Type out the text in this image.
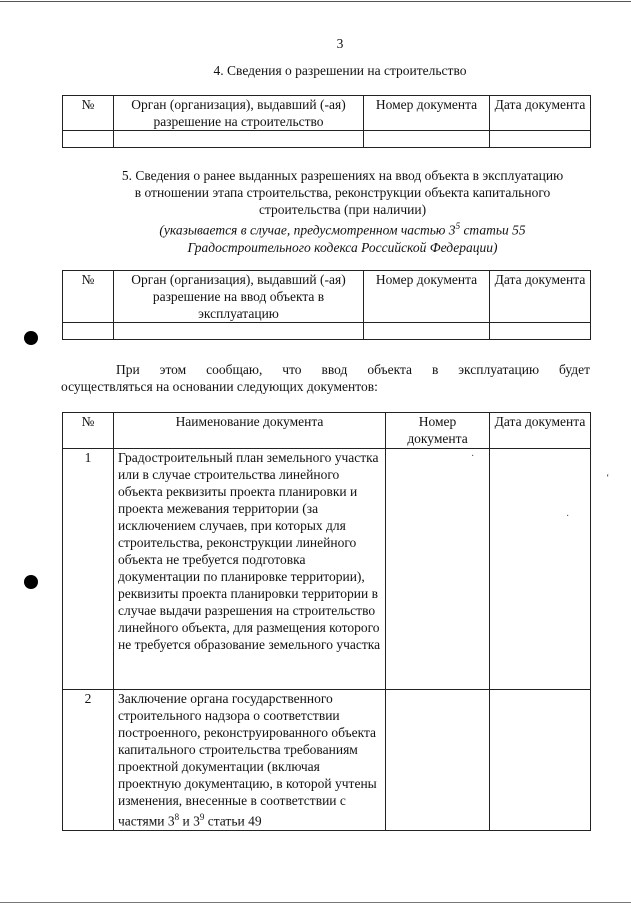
3
4. Сведения о разрешении на строительство
№	Орган (организация), выдавший (-ая) разрешение на строительство	Номер документа	Дата документа

5. Сведения о ранее выданных разрешениях на ввод объекта в эксплуатацию
в отношении этапа строительства, реконструкции объекта капитального
строительства (при наличии)
(указывается в случае, предусмотренном частью $3^5$ статьи 55
Градостроительного кодекса Российской Федерации)
№	Орган (организация), выдавший (-ая) разрешение на ввод объекта в эксплуатацию	Номер документа	Дата документа

При этом сообщаю, что ввод объекта в эксплуатацию будет
осуществляться на основании следующих документов:
№	Наименование документа	Номер документа	Дата документа
1	Градостроительный план земельного участка или в случае строительства линейного объекта реквизиты проекта планировки и проекта межевания территории (за исключением случаев, при которых для строительства, реконструкции линейного объекта не требуется подготовка документации по планировке территории), реквизиты проекта планировки территории в случае выдачи разрешения на строительство линейного объекта, для размещения которого не требуется образование земельного участка		
2	Заключение органа государственного строительного надзора о соответствии построенного, реконструированного объекта капитального строительства требованиям проектной документации (включая проектную документацию, в которой учтены изменения, внесенные в соответствии с частями $3^8$ и $3^9$ статьи 49		
‘
·
·
